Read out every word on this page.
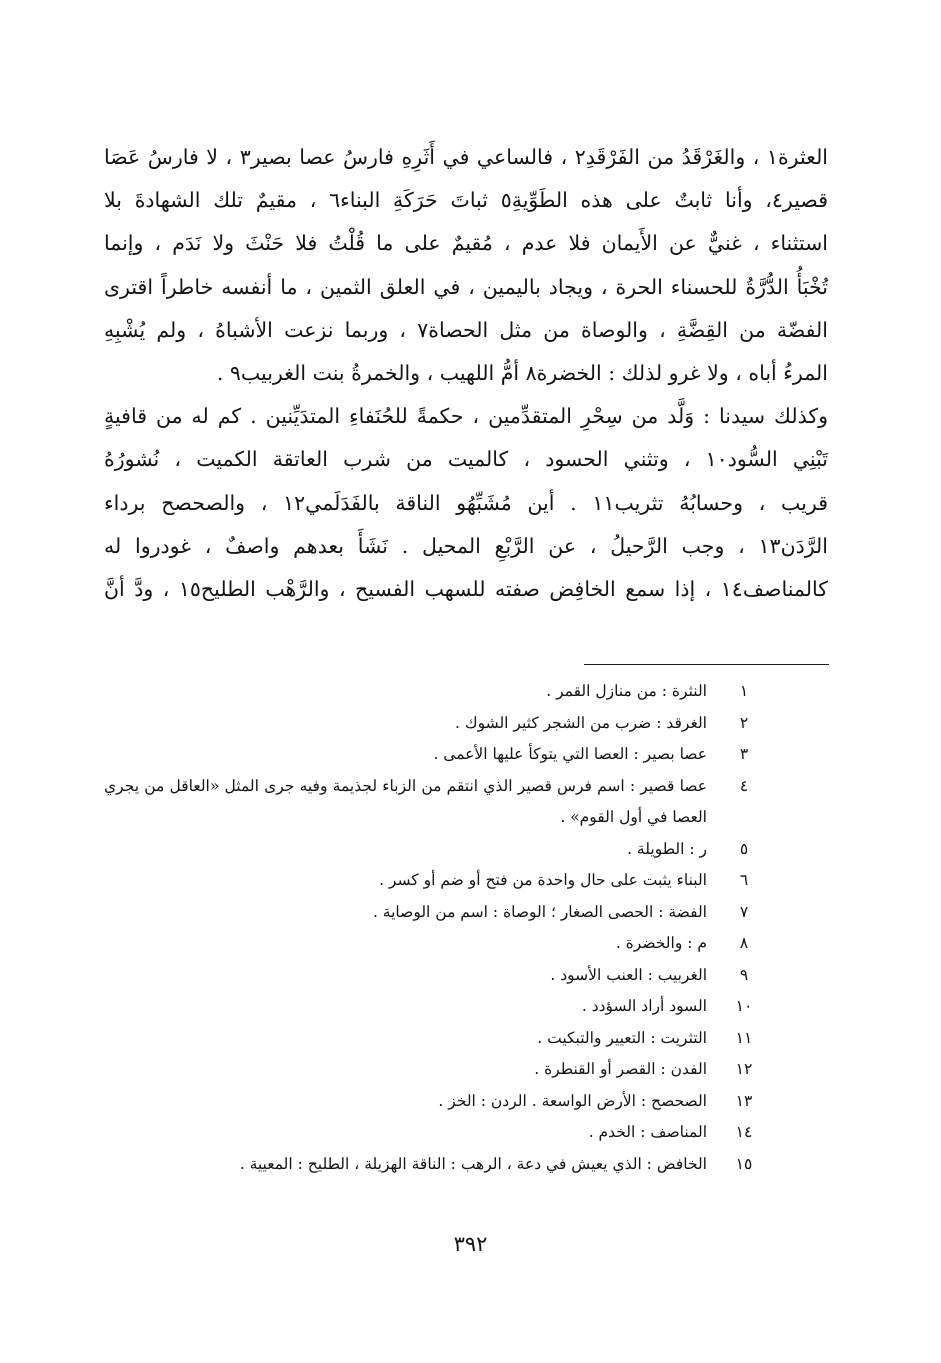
العثرة١ ، والغَرْقَدُ من الفَرْقَدِ٢ ، فالساعي في أَثَرِهِ فارسُ عصا بصير٣ ، لا فارسُ عَصَا
قصير٤، وأنا ثابتٌ على هذه الطَوِّيةِ٥ ثباتَ حَرَكَةِ البناء٦ ، مقيمٌ تلك الشهادةَ بلا
استثناء ، غنيٌّ عن الأَيمان فلا عدم ، مُقيمٌ على ما قُلْتُ فلا حَنْثَ ولا نَدَم ، وإنما
تُخْبَأُ الدُّرَّةُ للحسناء الحرة ، ويجاد باليمين ، في العلق الثمين ، ما أنفسه خاطراً اقترى
الفضّة من القِضَّةِ ، والوصاة من مثل الحصاة٧ ، وربما نزعت الأشباهُ ، ولم يُشْبِهِ
المرءُ أباه ، ولا غرو لذلك : الخضرة٨ أمُّ اللهيب ، والخمرةُ بنت الغربيب٩ .
وكذلك سيدنا : وَلَّد من سِحْرِ المتقدِّمين ، حكمةً للحُنَفاءِ المتدَيِّنين . كم له من قافيةٍ
تَبْنِي السُّود١٠ ، وتثني الحسود ، كالميت من شرب العاتقة الكميت ، نُشورُهُ
قريب ، وحسابُهُ تثريب١١ . أين مُشَبِّهُو الناقة بالفَدَلَمي١٢ ، والصحصح برداء
الرَّدَن١٣ ، وجب الرَّحيلُ ، عن الرَّبْعِ المحيل . نَشَأَ بعدهم واصفٌ ، غودروا له
كالمناصف١٤ ، إذا سمع الخافِض صفته للسهب الفسيح ، والرَّهْب الطليح١٥ ، ودَّ أنَّ
١
النثرة : من منازل القمر .
٢
الغرقد : ضرب من الشجر كثير الشوك .
٣
عصا بصير : العصا التي يتوكأ عليها الأعمى .
٤
عصا قصير : اسم فرس قصير الذي انتقم من الزباء لجذيمة وفيه جرى المثل «العاقل من يجري العصا في أول القوم» .
٥
ر : الطويلة .
٦
البناء يثبت على حال واحدة من فتح أو ضم أو كسر .
٧
الفضة : الحصى الصغار ؛ الوصاة : اسم من الوصاية .
٨
م : والخضرة .
٩
الغربيب : العنب الأسود .
١٠
السود أراد السؤدد .
١١
التثريت : التعيير والتبكيت .
١٢
الفدن : القصر أو القنطرة .
١٣
الصحصح : الأرض الواسعة . الردن : الخز .
١٤
المناصف : الخدم .
١٥
الخافض : الذي يعيش في دعة ، الرهب : الناقة الهزيلة ، الطليح : المعيية .
٣٩٢
